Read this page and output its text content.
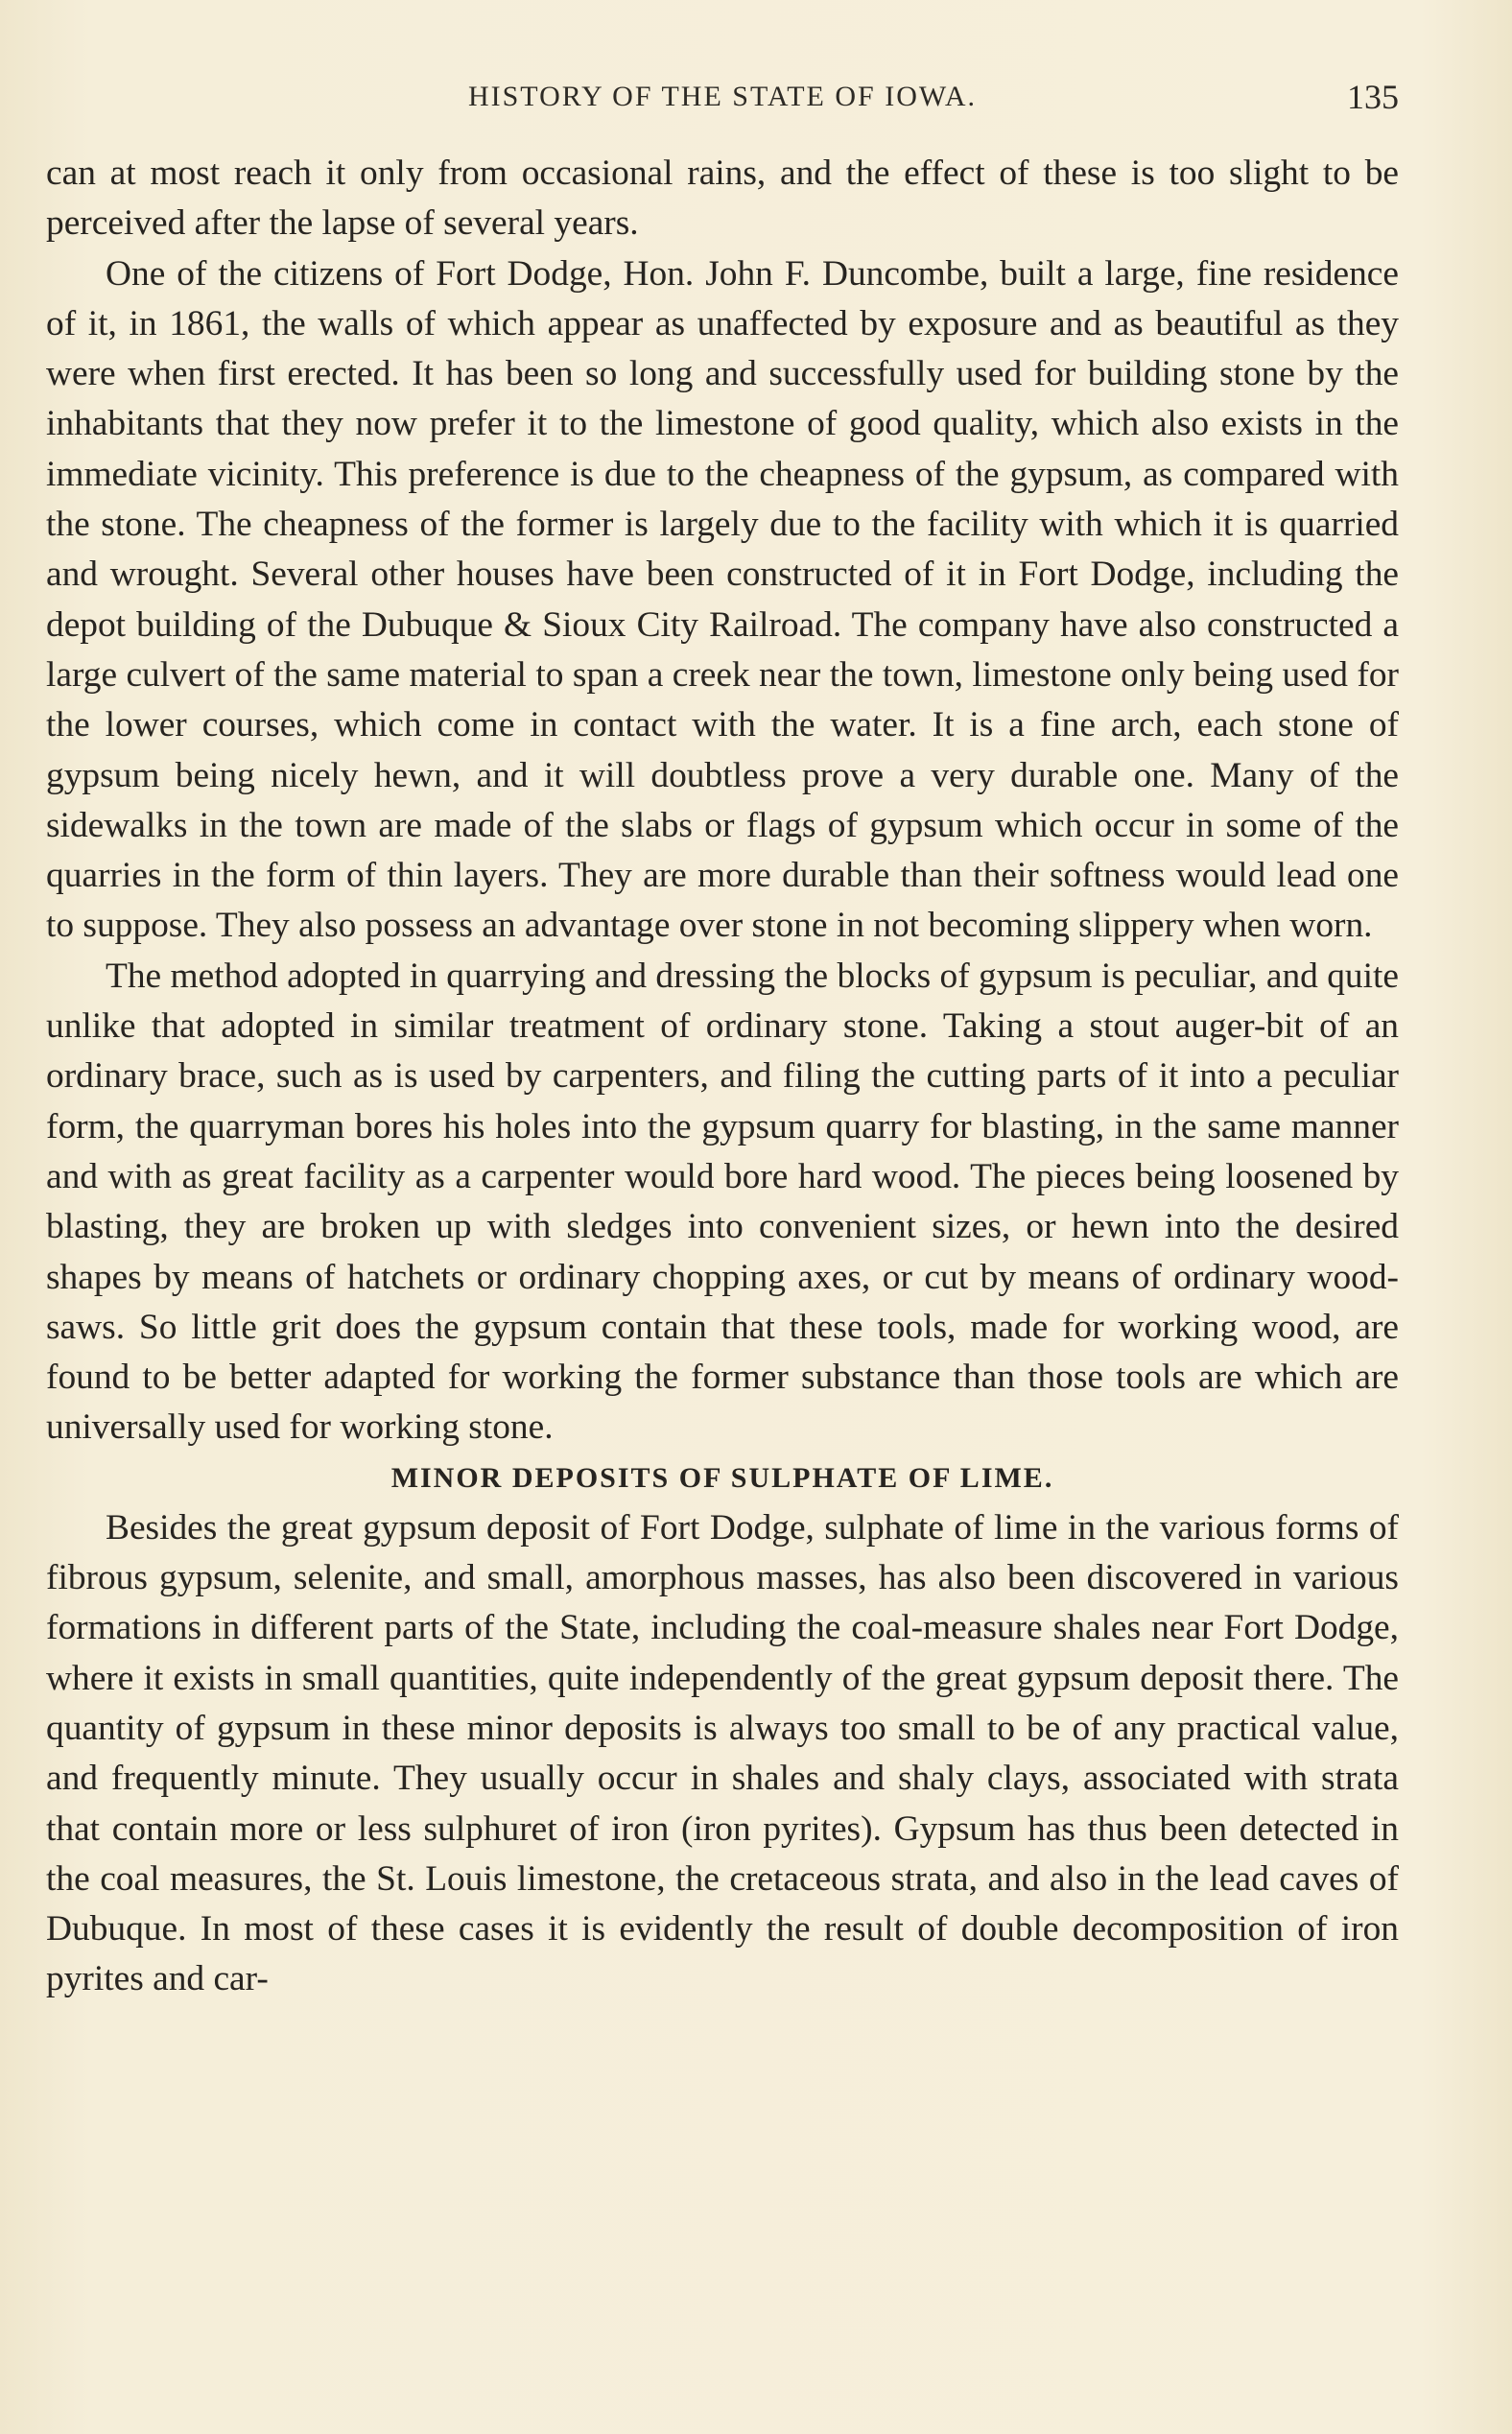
HISTORY OF THE STATE OF IOWA.	135

can at most reach it only from occasional rains, and the effect of these is too slight to be perceived after the lapse of several years.

One of the citizens of Fort Dodge, Hon. John F. Duncombe, built a large, fine residence of it, in 1861, the walls of which appear as unaffected by exposure and as beautiful as they were when first erected. It has been so long and successfully used for building stone by the inhabitants that they now prefer it to the limestone of good quality, which also exists in the immediate vicinity. This preference is due to the cheapness of the gypsum, as compared with the stone. The cheapness of the former is largely due to the facility with which it is quarried and wrought. Several other houses have been constructed of it in Fort Dodge, including the depot building of the Dubuque & Sioux City Railroad. The company have also constructed a large culvert of the same material to span a creek near the town, limestone only being used for the lower courses, which come in contact with the water. It is a fine arch, each stone of gypsum being nicely hewn, and it will doubtless prove a very durable one. Many of the sidewalks in the town are made of the slabs or flags of gypsum which occur in some of the quarries in the form of thin layers. They are more durable than their softness would lead one to suppose. They also possess an advantage over stone in not becoming slippery when worn.

The method adopted in quarrying and dressing the blocks of gypsum is peculiar, and quite unlike that adopted in similar treatment of ordinary stone. Taking a stout auger-bit of an ordinary brace, such as is used by carpenters, and filing the cutting parts of it into a peculiar form, the quarryman bores his holes into the gypsum quarry for blasting, in the same manner and with as great facility as a carpenter would bore hard wood. The pieces being loosened by blasting, they are broken up with sledges into convenient sizes, or hewn into the desired shapes by means of hatchets or ordinary chopping axes, or cut by means of ordinary wood-saws. So little grit does the gypsum contain that these tools, made for working wood, are found to be better adapted for working the former substance than those tools are which are universally used for working stone.

MINOR DEPOSITS OF SULPHATE OF LIME.

Besides the great gypsum deposit of Fort Dodge, sulphate of lime in the various forms of fibrous gypsum, selenite, and small, amorphous masses, has also been discovered in various formations in different parts of the State, including the coal-measure shales near Fort Dodge, where it exists in small quantities, quite independently of the great gypsum deposit there. The quantity of gypsum in these minor deposits is always too small to be of any practical value, and frequently minute. They usually occur in shales and shaly clays, associated with strata that contain more or less sulphuret of iron (iron pyrites). Gypsum has thus been detected in the coal measures, the St. Louis limestone, the cretaceous strata, and also in the lead caves of Dubuque. In most of these cases it is evidently the result of double decomposition of iron pyrites and car-
